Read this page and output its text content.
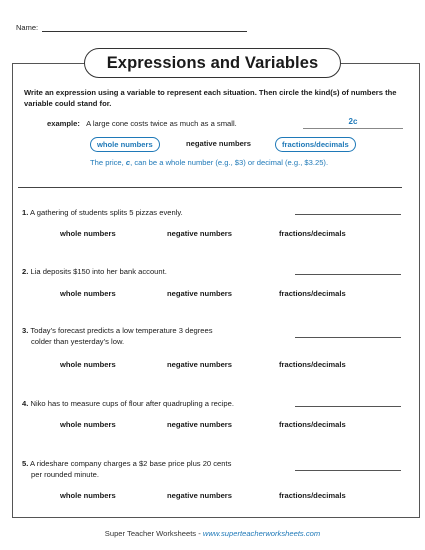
Name:
Expressions and Variables
Write an expression using a variable to represent each situation. Then circle the kind(s) of numbers the variable could stand for.
example: A large cone costs twice as much as a small.	2c
whole numbers	negative numbers	fractions/decimals
The price, c, can be a whole number (e.g., $3) or decimal (e.g., $3.25).
1. A gathering of students splits 5 pizzas evenly.
whole numbers	negative numbers	fractions/decimals
2. Lia deposits $150 into her bank account.
whole numbers	negative numbers	fractions/decimals
3. Today’s forecast predicts a low temperature 3 degrees
colder than yesterday’s low.
whole numbers	negative numbers	fractions/decimals
4. Niko has to measure cups of flour after quadrupling a recipe.
whole numbers	negative numbers	fractions/decimals
5. A rideshare company charges a $2 base price plus 20 cents
per rounded minute.
whole numbers	negative numbers	fractions/decimals
Super Teacher Worksheets - www.superteacherworksheets.com
